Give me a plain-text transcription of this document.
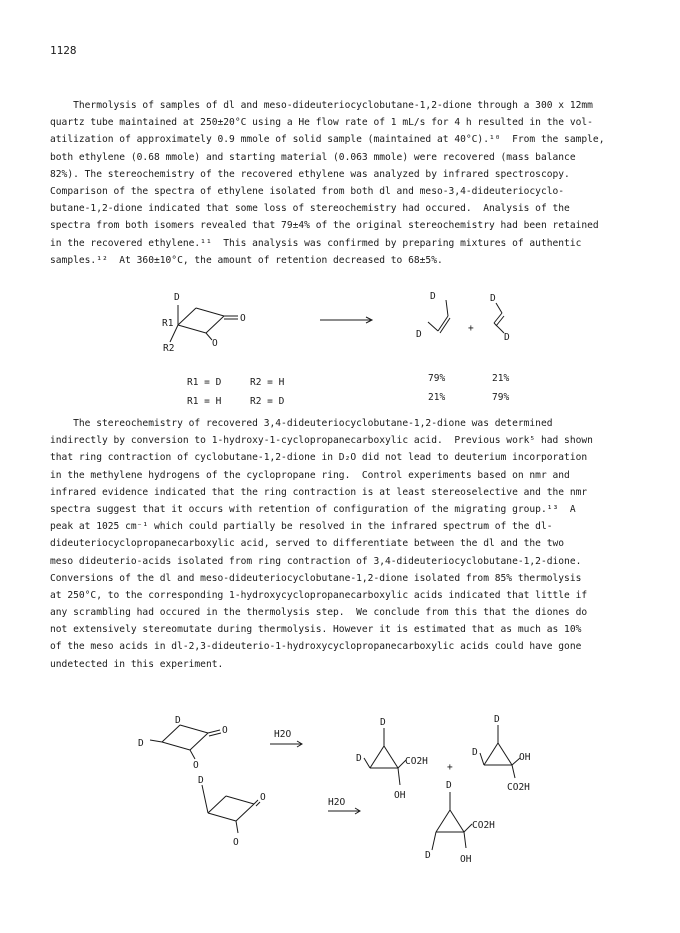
1128
Thermolysis of samples of dl and meso-dideuteriocyclobutane-1,2-dione through a 300 x 12mm
quartz tube maintained at 250±20°C using a He flow rate of 1 mL/s for 4 h resulted in the vol-
atilization of approximately 0.9 mmole of solid sample (maintained at 40°C).¹⁰  From the sample,
both ethylene (0.68 mmole) and starting material (0.063 mmole) were recovered (mass balance
82%). The stereochemistry of the recovered ethylene was analyzed by infrared spectroscopy.
Comparison of the spectra of ethylene isolated from both dl and meso-3,4-dideuteriocyclo-
butane-1,2-dione indicated that some loss of stereochemistry had occured.  Analysis of the
spectra from both isomers revealed that 79±4% of the original stereochemistry had been retained
in the recovered ethylene.¹¹  This analysis was confirmed by preparing mixtures of authentic
samples.¹²  At 360±10°C, the amount of retention decreased to 68±5%.
D
R1
R2
O
O
D
D
+
D
D
R1 = D	R2 = H	79%	21%
R1 = H	R2 = D	21%	79%
D
D
O
O
H2O
D
D	CO2H
OH
+
D
D	OH
CO2H
D
O
O
H2O
D
CO2H
D	OH
The stereochemistry of recovered 3,4-dideuteriocyclobutane-1,2-dione was determined
indirectly by conversion to 1-hydroxy-1-cyclopropanecarboxylic acid.  Previous work⁵ had shown
that ring contraction of cyclobutane-1,2-dione in D₂O did not lead to deuterium incorporation
in the methylene hydrogens of the cyclopropane ring.  Control experiments based on nmr and
infrared evidence indicated that the ring contraction is at least stereoselective and the nmr
spectra suggest that it occurs with retention of configuration of the migrating group.¹³  A
peak at 1025 cm⁻¹ which could partially be resolved in the infrared spectrum of the dl-
dideuteriocyclopropanecarboxylic acid, served to differentiate between the dl and the two
meso dideuterio-acids isolated from ring contraction of 3,4-dideuteriocyclobutane-1,2-dione.
Conversions of the dl and meso-dideuteriocyclobutane-1,2-dione isolated from 85% thermolysis
at 250°C, to the corresponding 1-hydroxycyclopropanecarboxylic acids indicated that little if
any scrambling had occured in the thermolysis step.  We conclude from this that the diones do
not extensively stereomutate during thermolysis. However it is estimated that as much as 10%
of the meso acids in dl-2,3-dideuterio-1-hydroxycyclopropanecarboxylic acids could have gone
undetected in this experiment.
